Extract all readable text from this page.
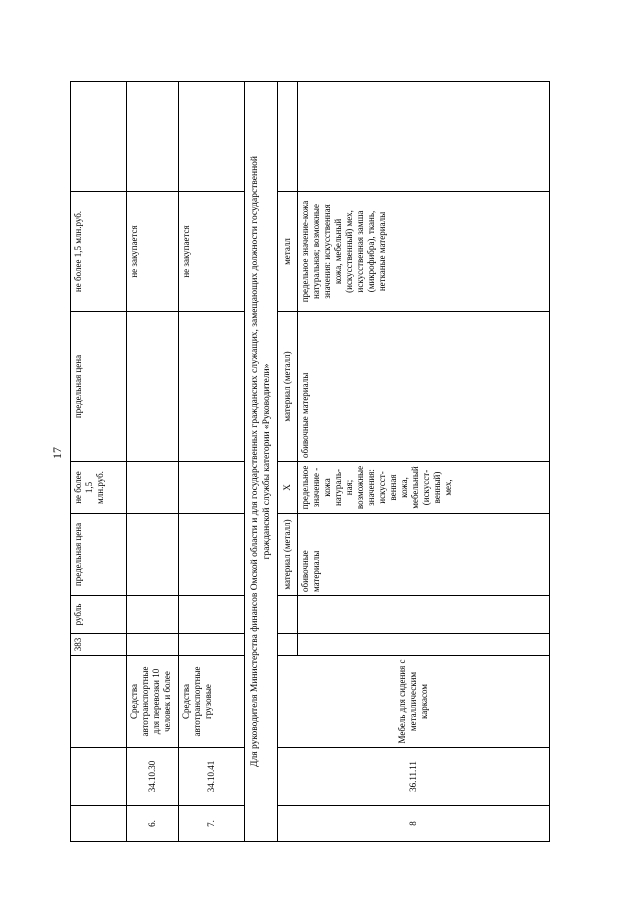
17
			383	рубль	предельная цена	не более 1,5 млн.руб.	предельная цена	не более 1,5 млн.руб.	
6.	34.10.30	Средства автотранспортные для перевозки 10 человек и более						не закупается	
7.	34.10.41	Средства автотранспортные грузовые						не закупается	
Для руководителя Министерства финансов Омской области и для государственных гражданских служащих, замещающих должности государственной гражданской службы категории «Руководители»									
8	36.11.11	Мебель для сидения с металлическим каркасом			материал (металл)	X	материал (металл)	металл	
					обивочные материалы	предельное значение - кожа натураль-ная; возможные значения: искусст-венная кожа, мебельный (искусст-венный) мех,	обивочные материалы	предельное значение-кожа натуральная; возможные значения: искусственная кожа, мебельный (искусственный) мех, искусственная замша (микрофибра), ткань, нетканые материалы	
